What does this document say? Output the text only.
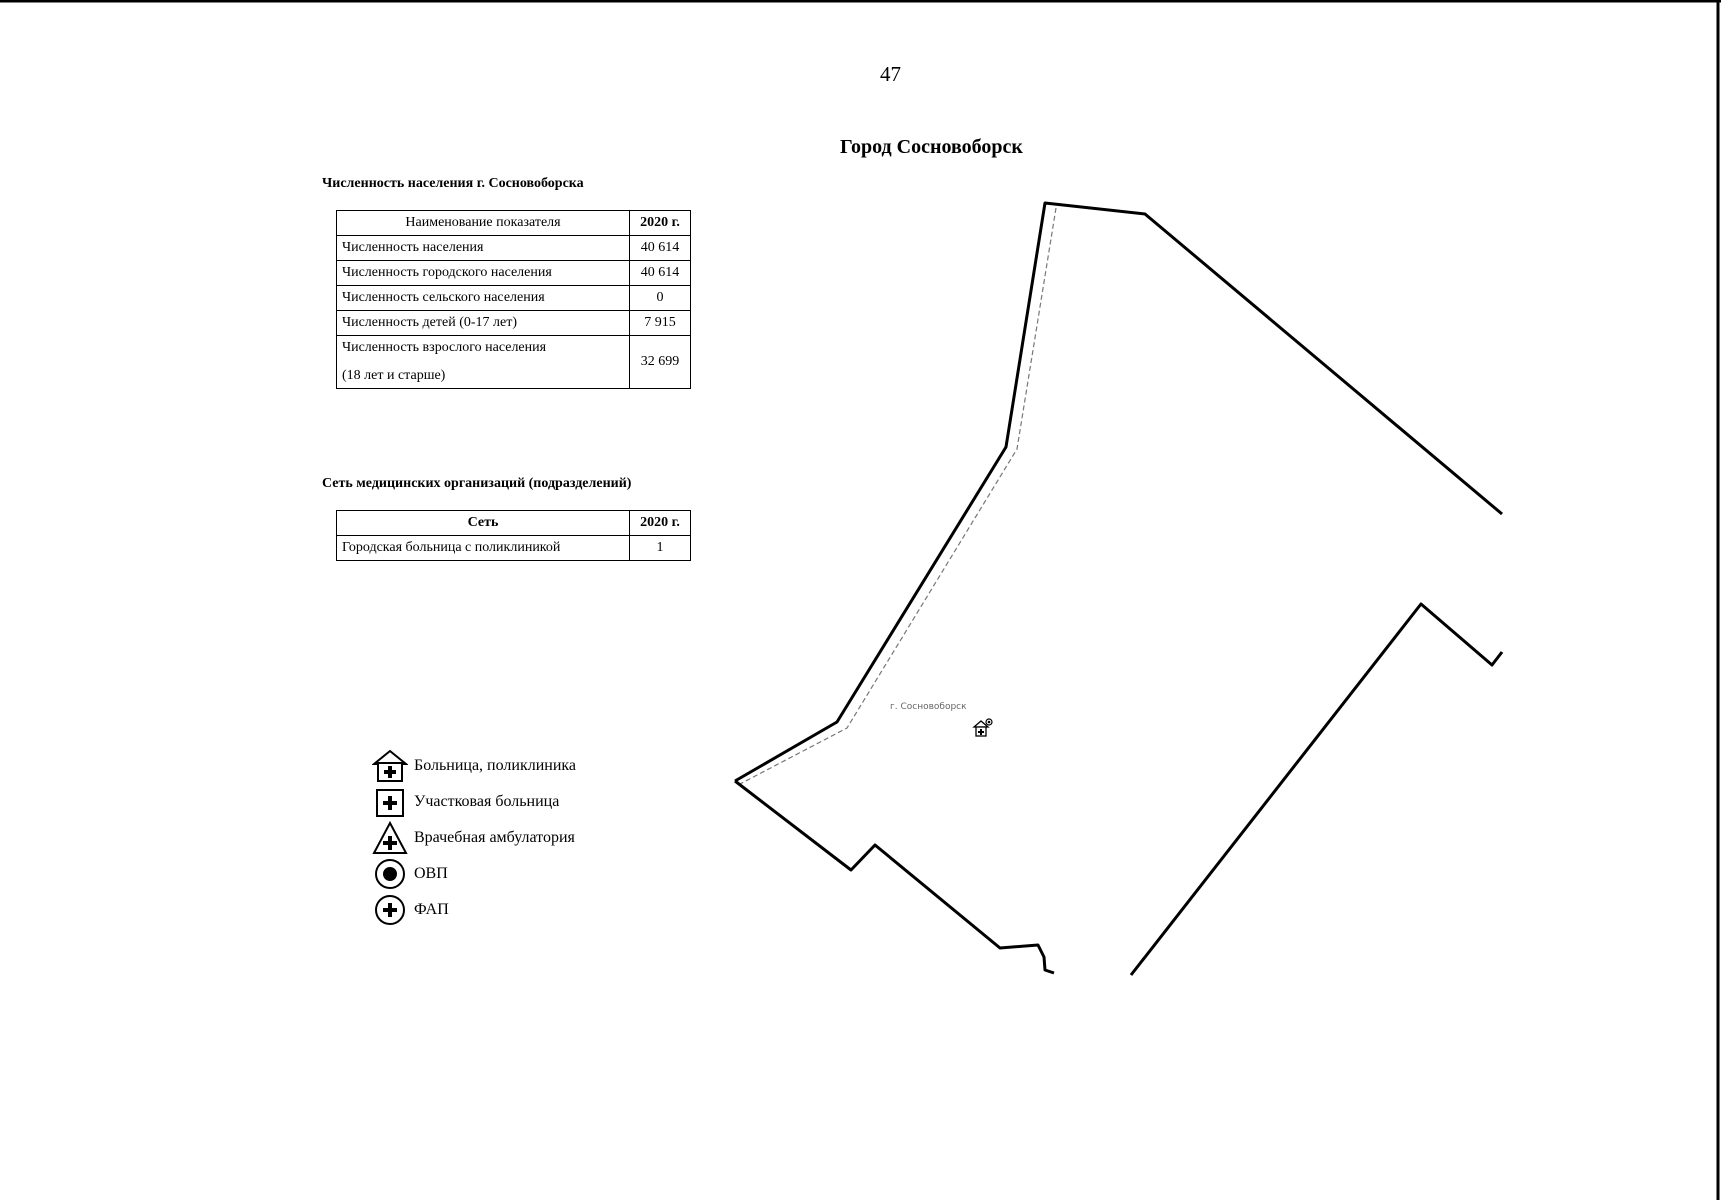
47
Город Сосновоборск
Численность населения г. Сосновоборска
Наименование показателя	2020 г.
Численность населения	40 614
Численность городского населения	40 614
Численность сельского населения	0
Численность детей (0-17 лет)	7 915

Численность взрослого населения
(18 лет и старше)	32 699
Сеть медицинских организаций (подразделений)
Сеть	2020 г.
Городская больница с поликлиникой	1
Больница, поликлиника
Участковая больница
Врачебная амбулатория
ОВП
ФАП
г. Сосновоборск
